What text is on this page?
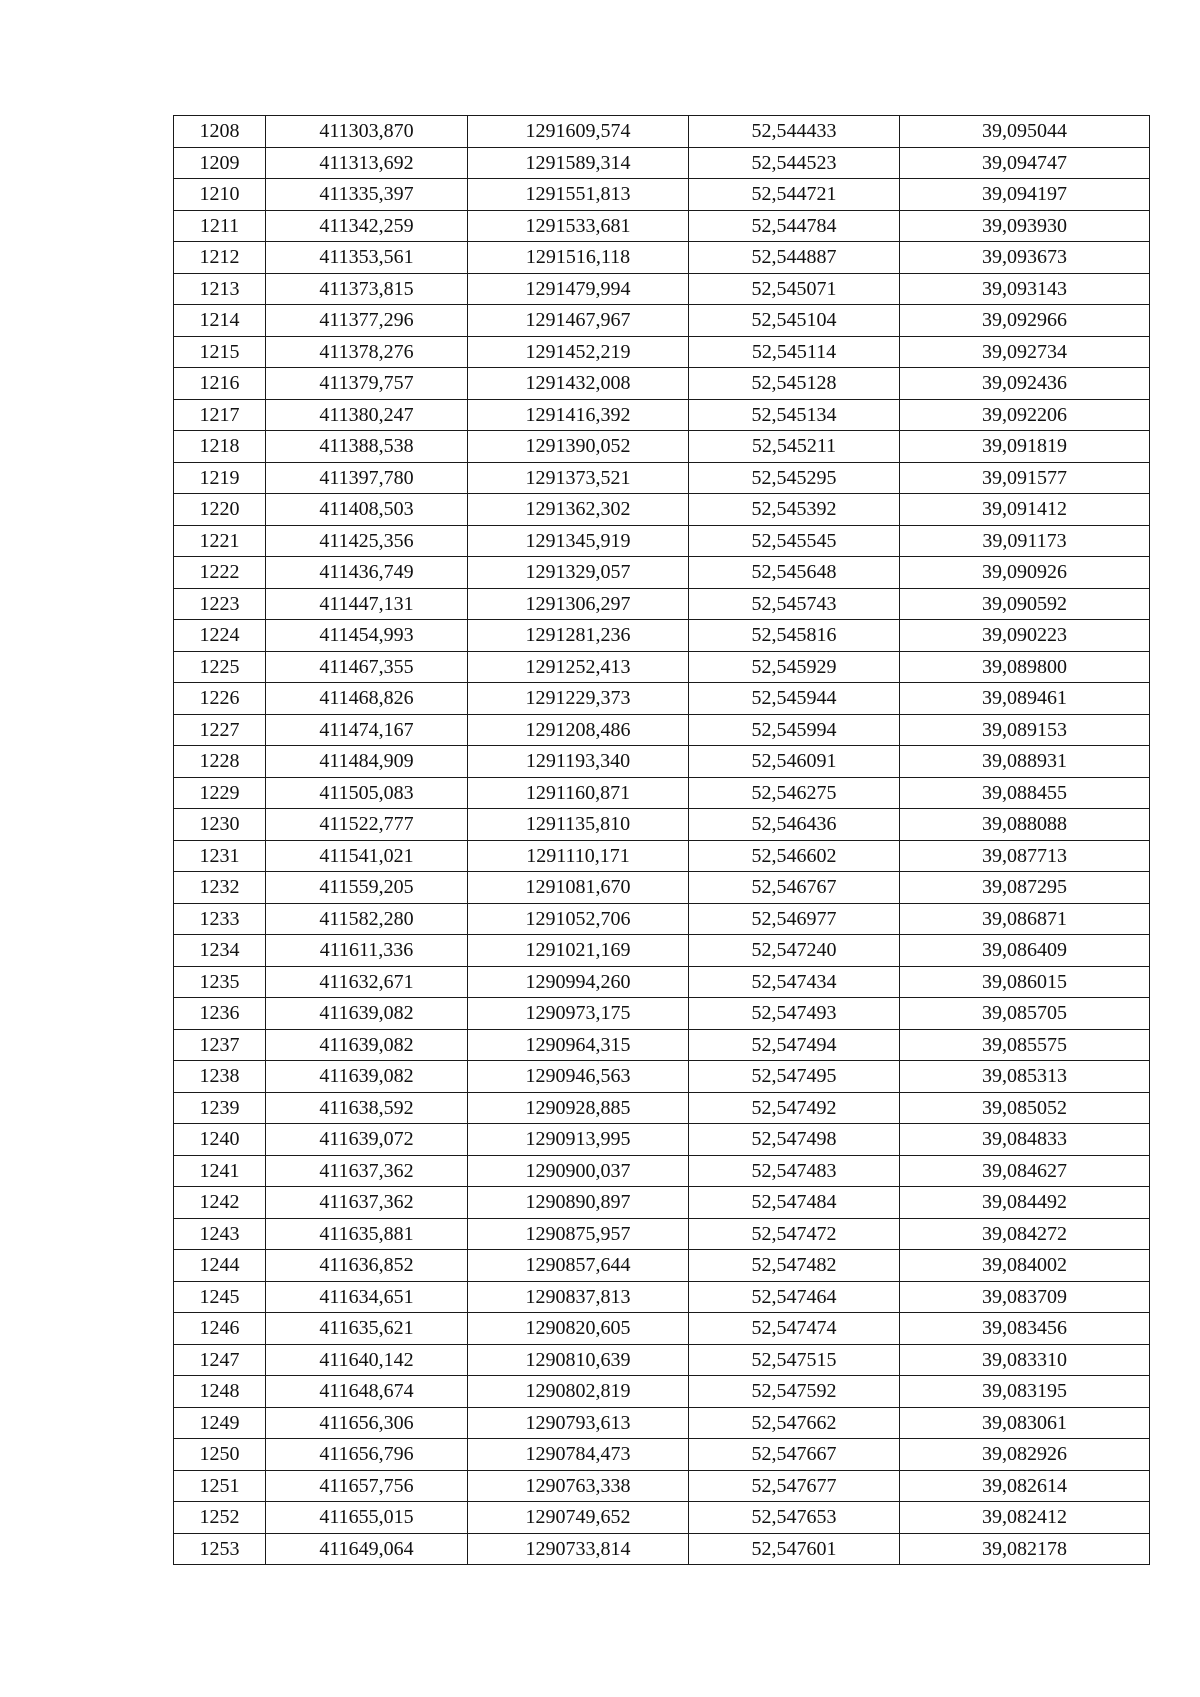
1208	411303,870	1291609,574	52,544433	39,095044
1209	411313,692	1291589,314	52,544523	39,094747
1210	411335,397	1291551,813	52,544721	39,094197
1211	411342,259	1291533,681	52,544784	39,093930
1212	411353,561	1291516,118	52,544887	39,093673
1213	411373,815	1291479,994	52,545071	39,093143
1214	411377,296	1291467,967	52,545104	39,092966
1215	411378,276	1291452,219	52,545114	39,092734
1216	411379,757	1291432,008	52,545128	39,092436
1217	411380,247	1291416,392	52,545134	39,092206
1218	411388,538	1291390,052	52,545211	39,091819
1219	411397,780	1291373,521	52,545295	39,091577
1220	411408,503	1291362,302	52,545392	39,091412
1221	411425,356	1291345,919	52,545545	39,091173
1222	411436,749	1291329,057	52,545648	39,090926
1223	411447,131	1291306,297	52,545743	39,090592
1224	411454,993	1291281,236	52,545816	39,090223
1225	411467,355	1291252,413	52,545929	39,089800
1226	411468,826	1291229,373	52,545944	39,089461
1227	411474,167	1291208,486	52,545994	39,089153
1228	411484,909	1291193,340	52,546091	39,088931
1229	411505,083	1291160,871	52,546275	39,088455
1230	411522,777	1291135,810	52,546436	39,088088
1231	411541,021	1291110,171	52,546602	39,087713
1232	411559,205	1291081,670	52,546767	39,087295
1233	411582,280	1291052,706	52,546977	39,086871
1234	411611,336	1291021,169	52,547240	39,086409
1235	411632,671	1290994,260	52,547434	39,086015
1236	411639,082	1290973,175	52,547493	39,085705
1237	411639,082	1290964,315	52,547494	39,085575
1238	411639,082	1290946,563	52,547495	39,085313
1239	411638,592	1290928,885	52,547492	39,085052
1240	411639,072	1290913,995	52,547498	39,084833
1241	411637,362	1290900,037	52,547483	39,084627
1242	411637,362	1290890,897	52,547484	39,084492
1243	411635,881	1290875,957	52,547472	39,084272
1244	411636,852	1290857,644	52,547482	39,084002
1245	411634,651	1290837,813	52,547464	39,083709
1246	411635,621	1290820,605	52,547474	39,083456
1247	411640,142	1290810,639	52,547515	39,083310
1248	411648,674	1290802,819	52,547592	39,083195
1249	411656,306	1290793,613	52,547662	39,083061
1250	411656,796	1290784,473	52,547667	39,082926
1251	411657,756	1290763,338	52,547677	39,082614
1252	411655,015	1290749,652	52,547653	39,082412
1253	411649,064	1290733,814	52,547601	39,082178
